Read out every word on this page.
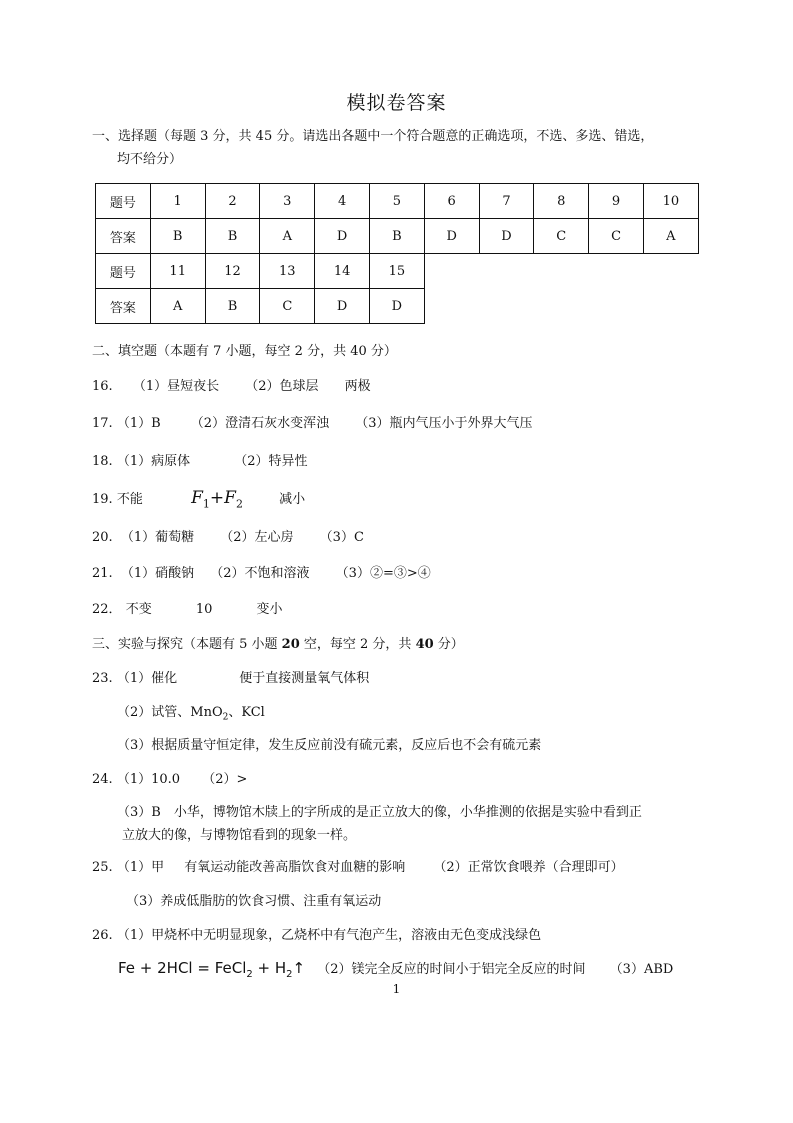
模拟卷答案
一、选择题（每题 3 分，共 45 分。请选出各题中一个符合题意的正确选项，不选、多选、错选，
均不给分）
题号	1	2	3	4	5	6	7	8	9	10
答案	B	B	A	D	B	D	D	C	C	A
题号	11	12	13	14	15					
答案	A	B	C	D	D					
二、填空题（本题有 7 小题，每空 2 分，共 40 分）
16. （1）昼短夜长 （2）色球层 两极
17. （1）B （2）澄清石灰水变浑浊 （3）瓶内气压小于外界大气压
18. （1）病原体	（2）特异性
19. 不能	$F_1+F_2$	减小
20. （1）葡萄糖 （2）左心房 （3）C
21. （1）硝酸钠 （2）不饱和溶液 （3）②=③>④
22． 不变	10	变小
三、实验与探究（本题有 5 小题 20 空，每空 2 分，共 40 分）
23. （1）催化	便于直接测量氧气体积
（2）试管、MnO$_2$、KCl
（3）根据质量守恒定律，发生反应前没有硫元素，反应后也不会有硫元素
24. （1）10.0 （2）>
（3）B　小华，博物馆木牍上的字所成的是正立放大的像，小华推测的依据是实验中看到正
立放大的像，与博物馆看到的现象一样。
25. （1）甲 有氧运动能改善高脂饮食对血糖的影响 （2）正常饮食喂养（合理即可）
（3）养成低脂肪的饮食习惯、注重有氧运动
26. （1）甲烧杯中无明显现象，乙烧杯中有气泡产生，溶液由无色变成浅绿色
Fe + 2HCl = FeCl$_2$ + $H_2↑$ （2）镁完全反应的时间小于铝完全反应的时间 （3）ABD
1
